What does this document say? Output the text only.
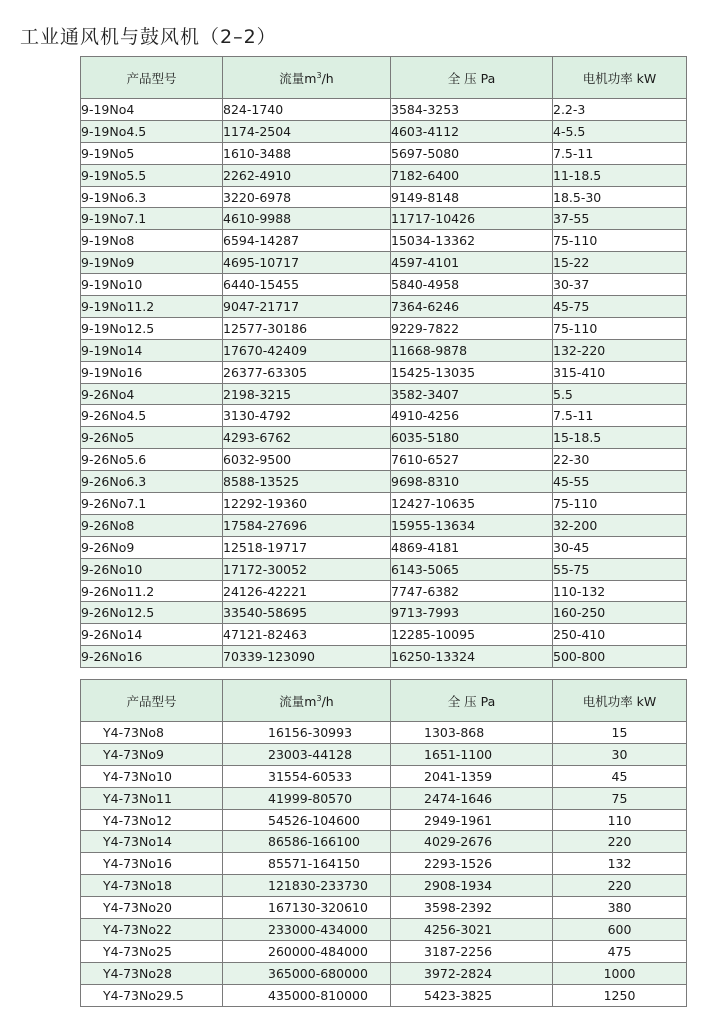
工业通风机与鼓风机（2–2）
产品型号	流量$m^3/h$	全 压 Pa	电机功率 kW
9-19No4	824-1740	3584-3253	2.2-3
9-19No4.5	1174-2504	4603-4112	4-5.5
9-19No5	1610-3488	5697-5080	7.5-11
9-19No5.5	2262-4910	7182-6400	11-18.5
9-19No6.3	3220-6978	9149-8148	18.5-30
9-19No7.1	4610-9988	11717-10426	37-55
9-19No8	6594-14287	15034-13362	75-110
9-19No9	4695-10717	4597-4101	15-22
9-19No10	6440-15455	5840-4958	30-37
9-19No11.2	9047-21717	7364-6246	45-75
9-19No12.5	12577-30186	9229-7822	75-110
9-19No14	17670-42409	11668-9878	132-220
9-19No16	26377-63305	15425-13035	315-410
9-26No4	2198-3215	3582-3407	5.5
9-26No4.5	3130-4792	4910-4256	7.5-11
9-26No5	4293-6762	6035-5180	15-18.5
9-26No5.6	6032-9500	7610-6527	22-30
9-26No6.3	8588-13525	9698-8310	45-55
9-26No7.1	12292-19360	12427-10635	75-110
9-26No8	17584-27696	15955-13634	32-200
9-26No9	12518-19717	4869-4181	30-45
9-26No10	17172-30052	6143-5065	55-75
9-26No11.2	24126-42221	7747-6382	110-132
9-26No12.5	33540-58695	9713-7993	160-250
9-26No14	47121-82463	12285-10095	250-410
9-26No16	70339-123090	16250-13324	500-800
产品型号	流量$m^3/h$	全 压 Pa	电机功率 kW
Y4-73No8	16156-30993	1303-868	15
Y4-73No9	23003-44128	1651-1100	30
Y4-73No10	31554-60533	2041-1359	45
Y4-73No11	41999-80570	2474-1646	75
Y4-73No12	54526-104600	2949-1961	110
Y4-73No14	86586-166100	4029-2676	220
Y4-73No16	85571-164150	2293-1526	132
Y4-73No18	121830-233730	2908-1934	220
Y4-73No20	167130-320610	3598-2392	380
Y4-73No22	233000-434000	4256-3021	600
Y4-73No25	260000-484000	3187-2256	475
Y4-73No28	365000-680000	3972-2824	1000
Y4-73No29.5	435000-810000	5423-3825	1250
